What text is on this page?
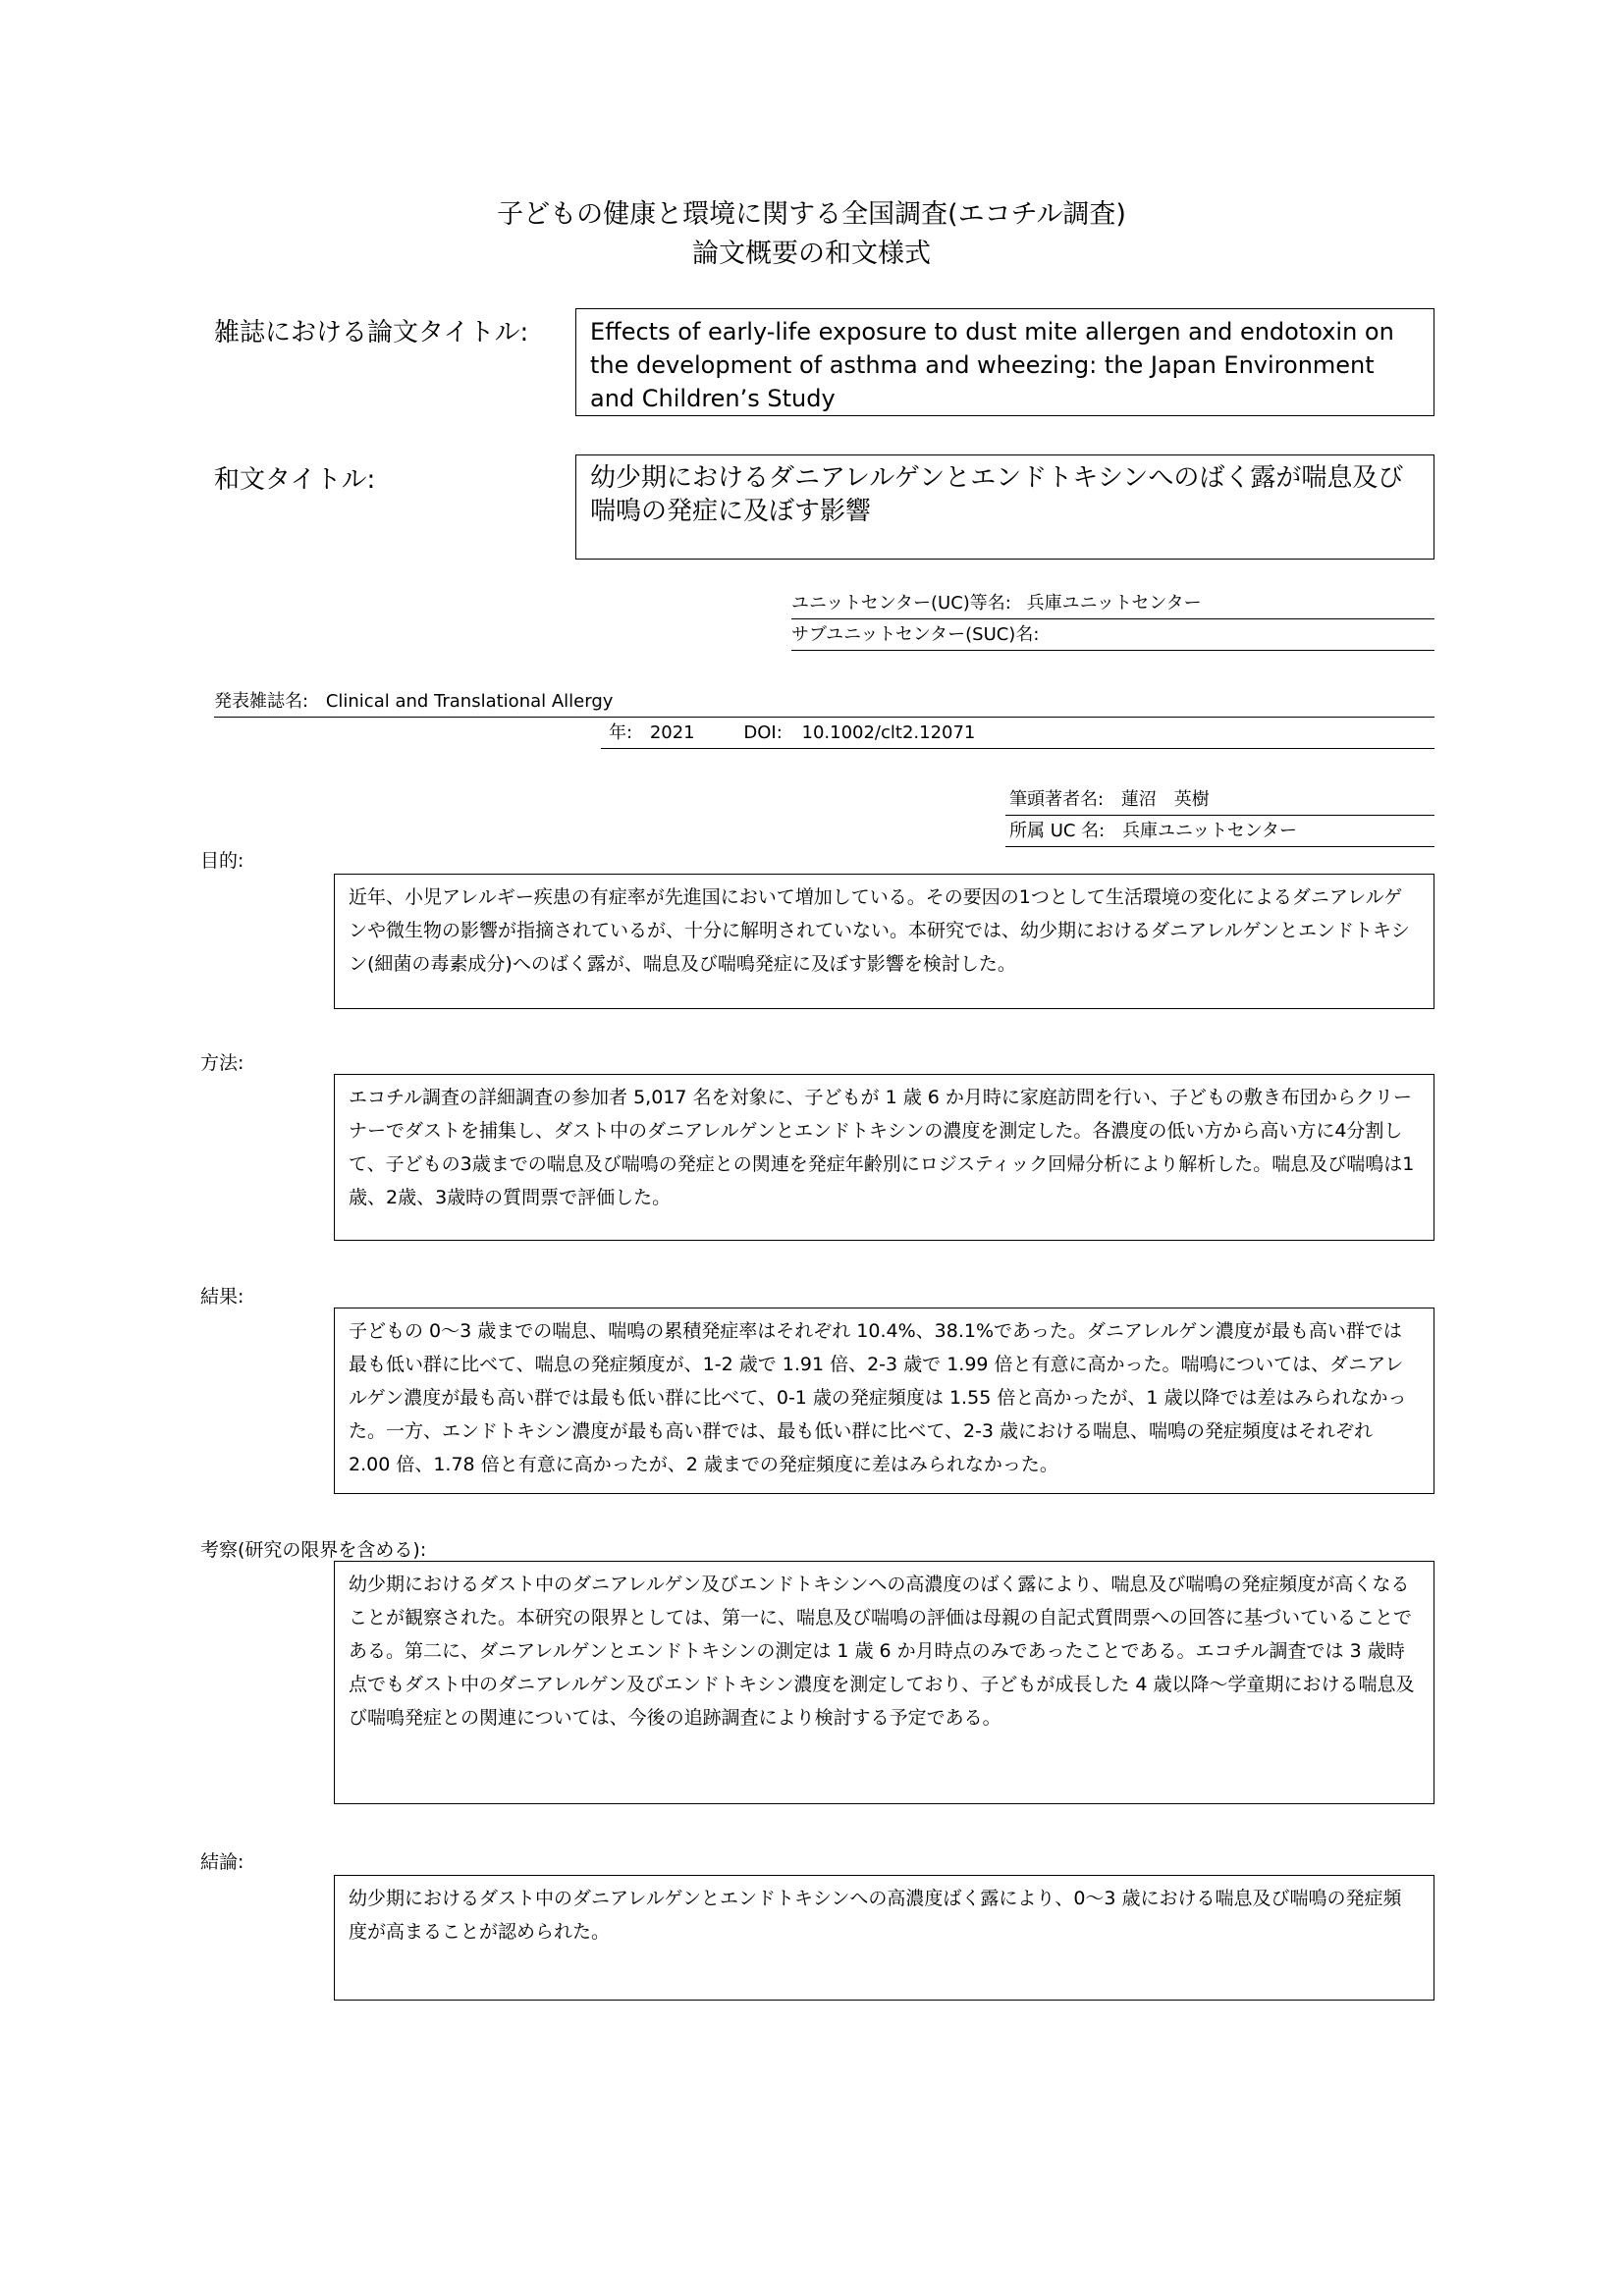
子どもの健康と環境に関する全国調査(エコチル調査)
論文概要の和文様式
雑誌における論文タイトル:	Effects of early-life exposure to dust mite allergen and endotoxin on the development of asthma and wheezing: the Japan Environment and Children’s Study
和文タイトル:	幼少期におけるダニアレルゲンとエンドトキシンへのばく露が喘息及び喘鳴の発症に及ぼす影響
ユニットセンター(UC)等名: 兵庫ユニットセンター
サブユニットセンター(SUC)名:
発表雑誌名: Clinical and Translational Allergy
年: 2021	DOI: 10.1002/clt2.12071
筆頭著者名: 蓮沼　英樹
所属 UC 名: 兵庫ユニットセンター
目的:
近年、小児アレルギー疾患の有症率が先進国において増加している。その要因の1つとして生活環境の変化によるダニアレルゲンや微生物の影響が指摘されているが、十分に解明されていない。本研究では、幼少期におけるダニアレルゲンとエンドトキシン(細菌の毒素成分)へのばく露が、喘息及び喘鳴発症に及ぼす影響を検討した。
方法:
エコチル調査の詳細調査の参加者 5,017 名を対象に、子どもが 1 歳 6 か月時に家庭訪問を行い、子どもの敷き布団からクリーナーでダストを捕集し、ダスト中のダニアレルゲンとエンドトキシンの濃度を測定した。各濃度の低い方から高い方に4分割して、子どもの3歳までの喘息及び喘鳴の発症との関連を発症年齢別にロジスティック回帰分析により解析した。喘息及び喘鳴は1歳、2歳、3歳時の質問票で評価した。
結果:
子どもの 0～3 歳までの喘息、喘鳴の累積発症率はそれぞれ 10.4%、38.1%であった。ダニアレルゲン濃度が最も高い群では最も低い群に比べて、喘息の発症頻度が、1-2 歳で 1.91 倍、2-3 歳で 1.99 倍と有意に高かった。喘鳴については、ダニアレルゲン濃度が最も高い群では最も低い群に比べて、0-1 歳の発症頻度は 1.55 倍と高かったが、1 歳以降では差はみられなかった。一方、エンドトキシン濃度が最も高い群では、最も低い群に比べて、2-3 歳における喘息、喘鳴の発症頻度はそれぞれ 2.00 倍、1.78 倍と有意に高かったが、2 歳までの発症頻度に差はみられなかった。
考察(研究の限界を含める):
幼少期におけるダスト中のダニアレルゲン及びエンドトキシンへの高濃度のばく露により、喘息及び喘鳴の発症頻度が高くなることが観察された。本研究の限界としては、第一に、喘息及び喘鳴の評価は母親の自記式質問票への回答に基づいていることである。第二に、ダニアレルゲンとエンドトキシンの測定は 1 歳 6 か月時点のみであったことである。エコチル調査では 3 歳時点でもダスト中のダニアレルゲン及びエンドトキシン濃度を測定しており、子どもが成長した 4 歳以降～学童期における喘息及び喘鳴発症との関連については、今後の追跡調査により検討する予定である。
結論:
幼少期におけるダスト中のダニアレルゲンとエンドトキシンへの高濃度ばく露により、0～3 歳における喘息及び喘鳴の発症頻度が高まることが認められた。
